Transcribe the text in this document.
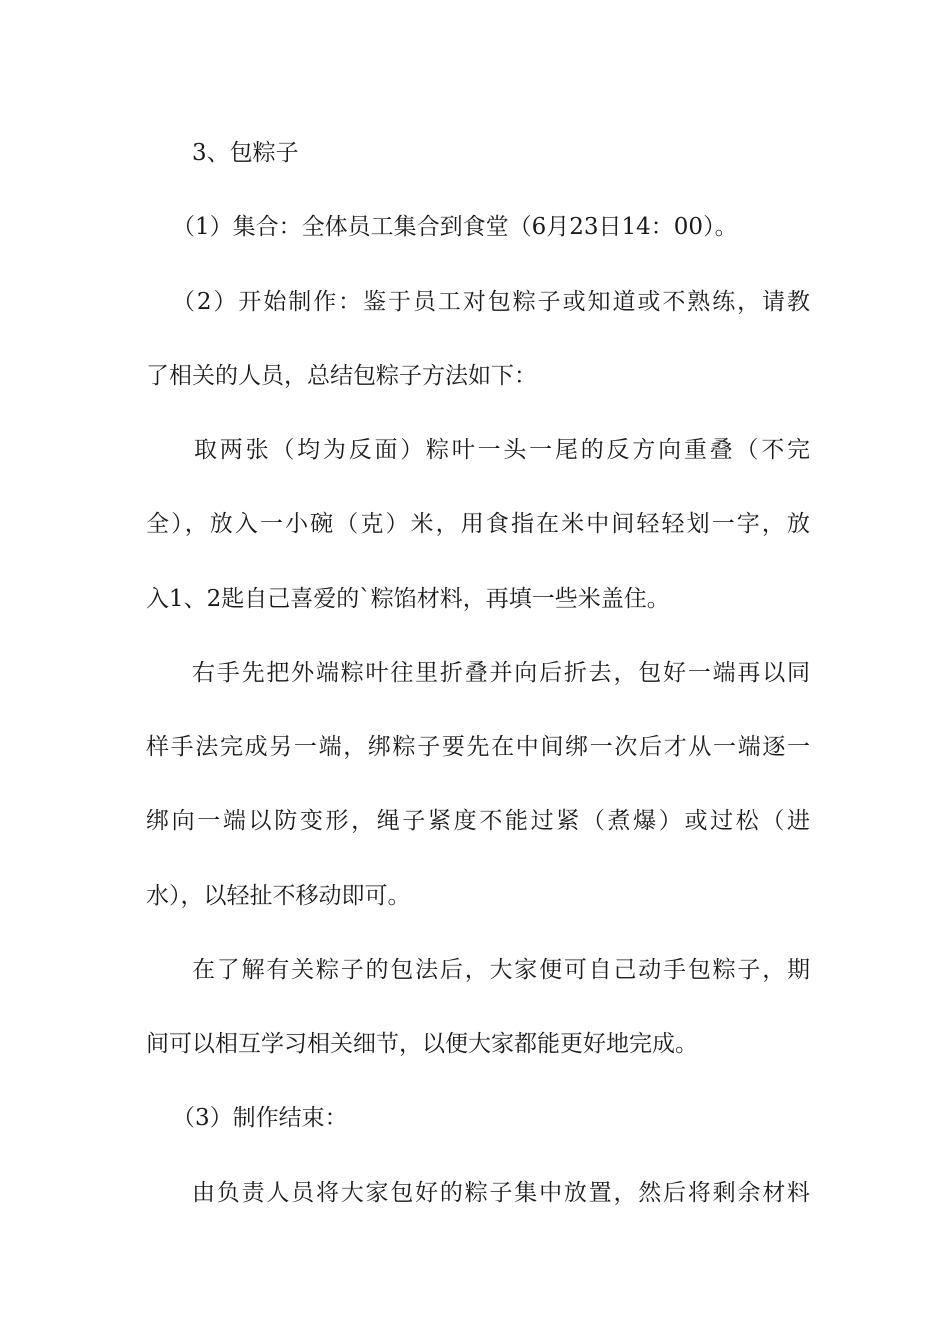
3、包粽子
（1）集合：全体员工集合到食堂（6月23日14：00）。
（2）开始制作：鉴于员工对包粽子或知道或不熟练，请教
了相关的人员，总结包粽子方法如下：
取两张（均为反面）粽叶一头一尾的反方向重叠（不完
全），放入一小碗（克）米，用食指在米中间轻轻划一字，放
入1、2匙自己喜爱的`粽馅材料，再填一些米盖住。
右手先把外端粽叶往里折叠并向后折去，包好一端再以同
样手法完成另一端，绑粽子要先在中间绑一次后才从一端逐一
绑向一端以防变形，绳子紧度不能过紧（煮爆）或过松（进
水），以轻扯不移动即可。
在了解有关粽子的包法后，大家便可自己动手包粽子，期
间可以相互学习相关细节，以便大家都能更好地完成。
（3）制作结束：
由负责人员将大家包好的粽子集中放置，然后将剩余材料
